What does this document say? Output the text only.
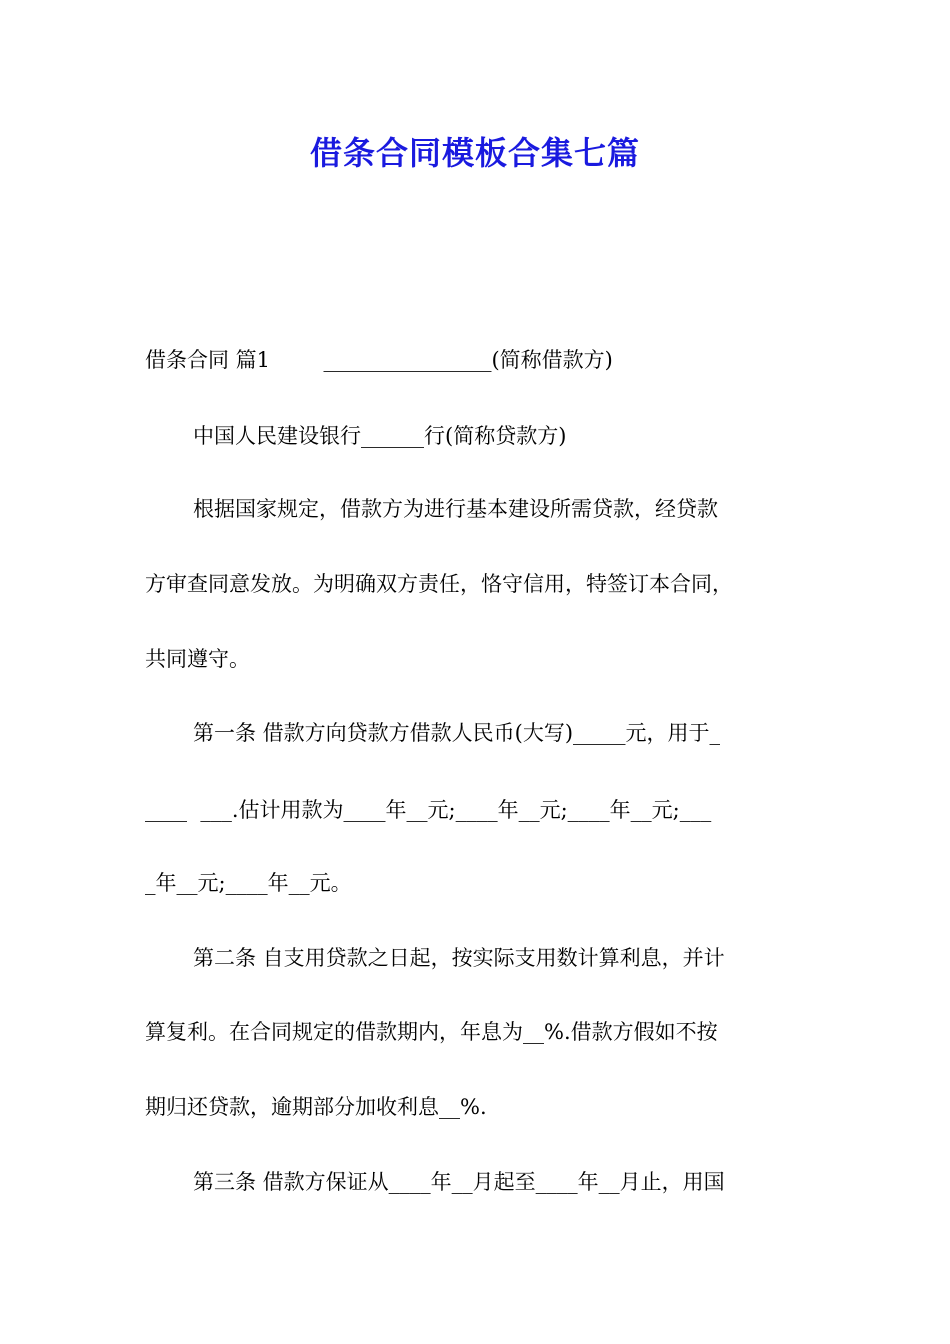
借条合同模板合集七篇

借条合同 篇1        ________________(简称借款方)

中国人民建设银行______行(简称贷款方)

根据国家规定，借款方为进行基本建设所需贷款，经贷款

方审查同意发放。为明确双方责任，恪守信用，特签订本合同，

共同遵守。

第一条 借款方向贷款方借款人民币(大写)_____元，用于_

____  ___.估计用款为____年__元;____年__元;____年__元;___

_年__元;____年__元。

第二条 自支用贷款之日起，按实际支用数计算利息，并计

算复利。在合同规定的借款期内，年息为__%.借款方假如不按

期归还贷款，逾期部分加收利息__%.

第三条 借款方保证从____年__月起至____年__月止，用国
